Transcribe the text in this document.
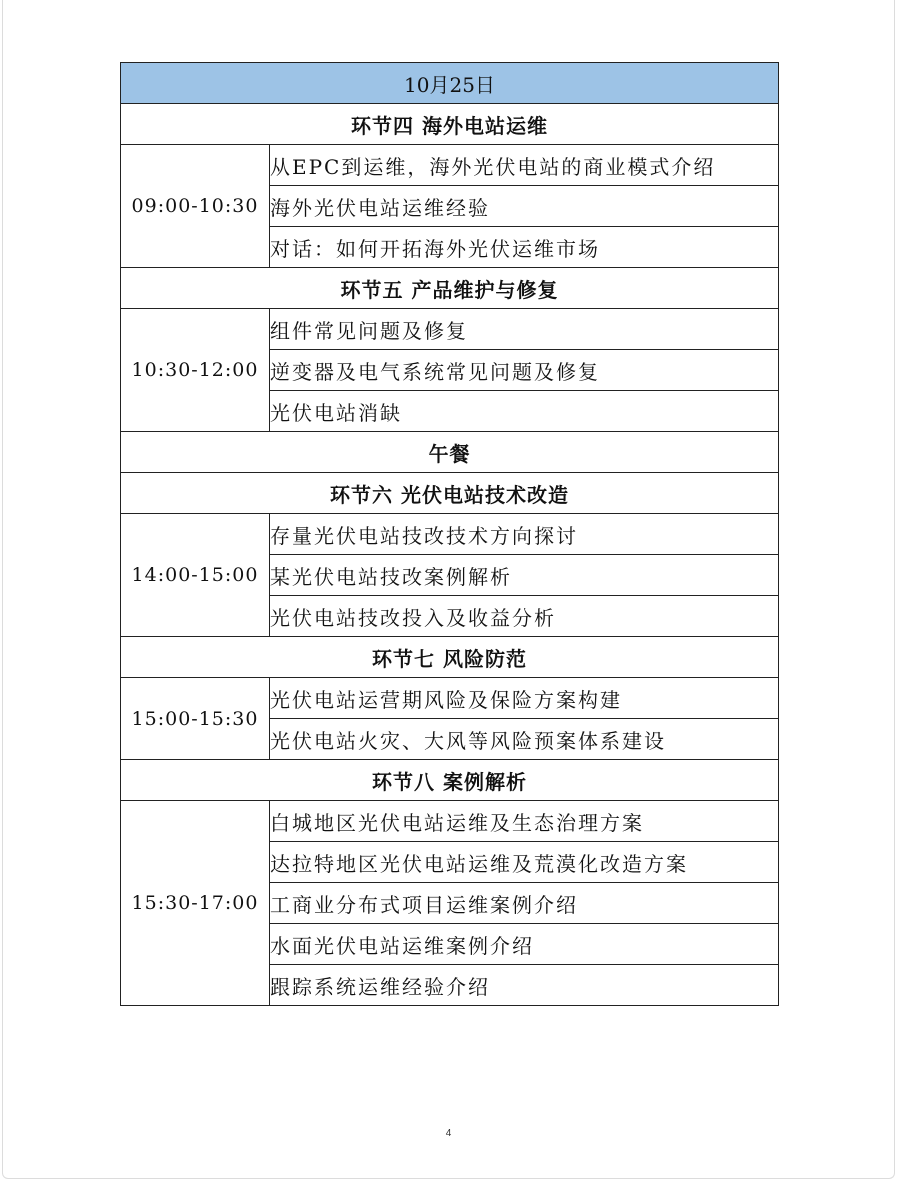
10月25日	
环节四 海外电站运维	
09:00-10:30	从EPC到运维，海外光伏电站的商业模式介绍
	海外光伏电站运维经验
	对话：如何开拓海外光伏运维市场
环节五 产品维护与修复	
10:30-12:00	组件常见问题及修复
	逆变器及电气系统常见问题及修复
	光伏电站消缺
午餐	
环节六 光伏电站技术改造	
14:00-15:00	存量光伏电站技改技术方向探讨
	某光伏电站技改案例解析
	光伏电站技改投入及收益分析
环节七 风险防范	
15:00-15:30	光伏电站运营期风险及保险方案构建
	光伏电站火灾、大风等风险预案体系建设
环节八 案例解析	
15:30-17:00	白城地区光伏电站运维及生态治理方案
	达拉特地区光伏电站运维及荒漠化改造方案
	工商业分布式项目运维案例介绍
	水面光伏电站运维案例介绍
	跟踪系统运维经验介绍
4
